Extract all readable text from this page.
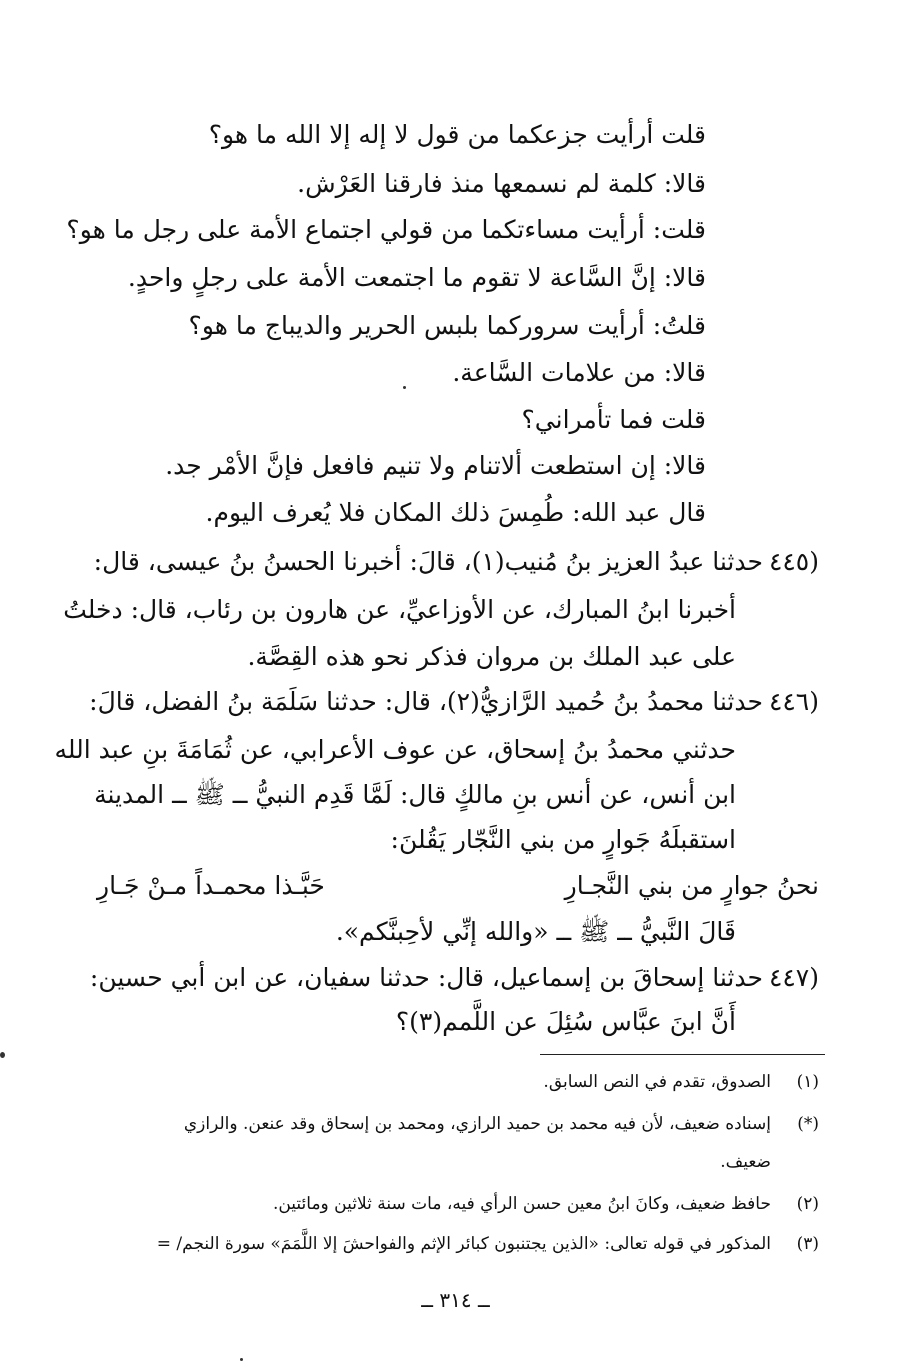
قلت أرأيت جزعكما من قول لا إله إلا الله ما هو؟
قالا: كلمة لم نسمعها منذ فارقنا العَرْش.
قلت: أرأيت مساءتكما من قولي اجتماع الأمة على رجل ما هو؟
قالا: إنَّ السَّاعة لا تقوم ما اجتمعت الأمة على رجلٍ واحدٍ.
قلتُ: أرأيت سروركما بلبس الحرير والديباج ما هو؟
قالا: من علامات السَّاعة.
قلت فما تأمراني؟
قالا: إن استطعت ألاتنام ولا تنيم فافعل فإنَّ الأمْر جد.
قال عبد الله: طُمِسَ ذلك المكان فلا يُعرف اليوم.
(٤٤٥حدثنا عبدُ العزيز بنُ مُنيب(١)، قالَ: أخبرنا الحسنُ بنُ عيسى، قال:
أخبرنا ابنُ المبارك، عن الأوزاعيِّ، عن هارون بن رئاب، قال: دخلتُ
على عبد الملك بن مروان فذكر نحو هذه القِصَّة.
(٤٤٦حدثنا محمدُ بنُ حُميد الرَّازيُّ(٢)، قال: حدثنا سَلَمَة بنُ الفضل، قالَ:
حدثني محمدُ بنُ إسحاق، عن عوف الأعرابي، عن ثُمَامَةَ بنِ عبد الله
ابن أنس، عن أنس بنِ مالكٍ قال: لَمَّا قَدِم النبيُّ ــ ﷺ ــ المدينة
استقبلَهُ جَوارٍ من بني النَّجّار يَقُلنَ:
نحنُ جوارٍ من بني النَّجـارِ
حَبَّـذا محمـداً مـنْ جَـارِ
قَالَ النَّبيُّ ــ ﷺ ــ «والله إنِّي لأحِبنَّكم».
(٤٤٧حدثنا إسحاقَ بن إسماعيل، قال: حدثنا سفيان، عن ابن أبي حسين:
أَنَّ ابنَ عبَّاس سُئِلَ عن اللَّمم(٣)؟
(١)الصدوق، تقدم في النص السابق.
(*)إسناده ضعيف، لأن فيه محمد بن حميد الرازي، ومحمد بن إسحاق وقد عنعن. والرازي
ضعيف.
(٢)حافظ ضعيف، وكانَ ابنُ معين حسن الرأي فيه، مات سنة ثلاثين ومائتين.
(٣)المذكور في قوله تعالى: «الذين يجتنبون كبائر الإثم والفواحشَ إلا اللَّمَمَ» سورة النجم/ =
ــ ٣١٤ ــ
